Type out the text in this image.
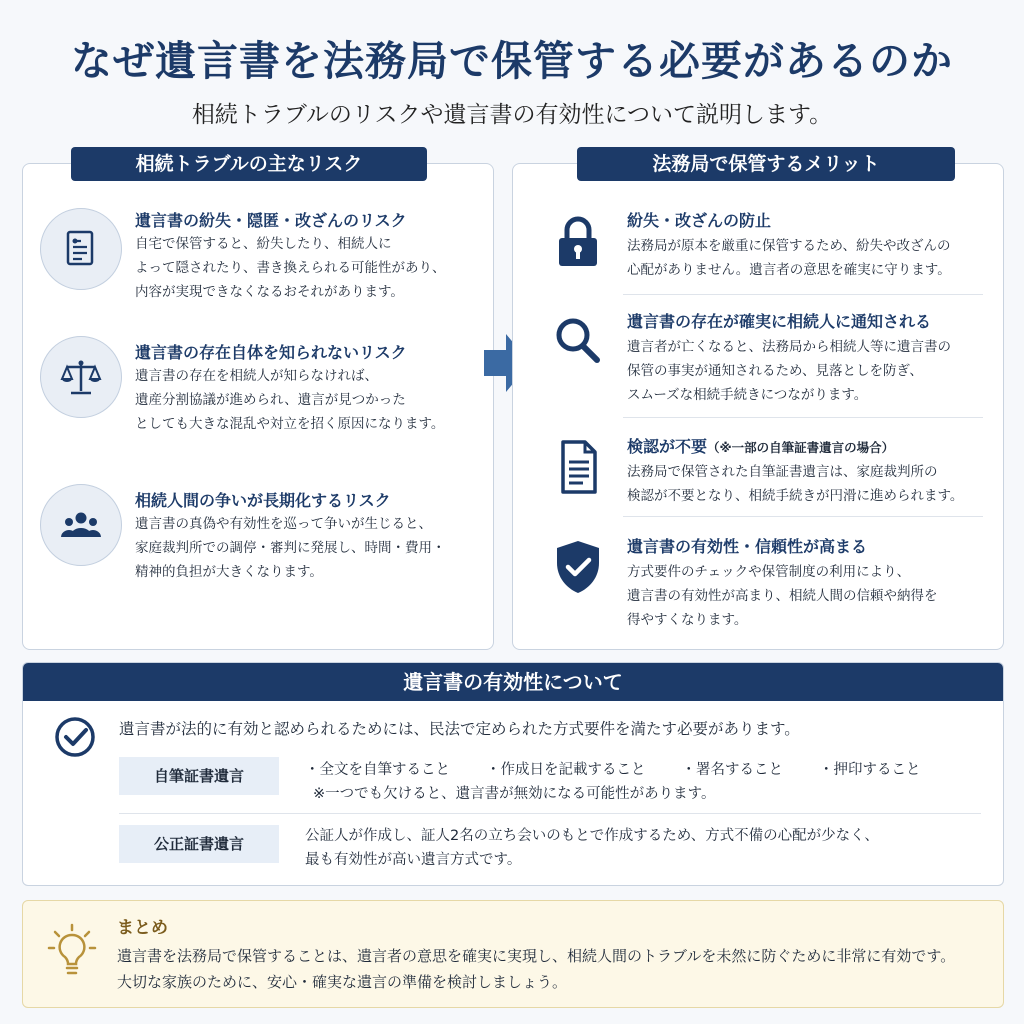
なぜ遺言書を法務局で保管する必要があるのか
相続トラブルのリスクや遺言書の有効性について説明します。
相続トラブルの主なリスク
遺言書の紛失・隠匿・改ざんのリスク
自宅で保管すると、紛失したり、相続人に
よって隠されたり、書き換えられる可能性があり、
内容が実現できなくなるおそれがあります。
遺言書の存在自体を知られないリスク
遺言書の存在を相続人が知らなければ、
遺産分割協議が進められ、遺言が見つかった
としても大きな混乱や対立を招く原因になります。
相続人間の争いが長期化するリスク
遺言書の真偽や有効性を巡って争いが生じると、
家庭裁判所での調停・審判に発展し、時間・費用・
精神的負担が大きくなります。
法務局で保管するメリット
紛失・改ざんの防止
法務局が原本を厳重に保管するため、紛失や改ざんの
心配がありません。遺言者の意思を確実に守ります。
遺言書の存在が確実に相続人に通知される
遺言者が亡くなると、法務局から相続人等に遺言書の
保管の事実が通知されるため、見落としを防ぎ、
スムーズな相続手続きにつながります。
検認が不要（※一部の自筆証書遺言の場合）
法務局で保管された自筆証書遺言は、家庭裁判所の
検認が不要となり、相続手続きが円滑に進められます。
遺言書の有効性・信頼性が高まる
方式要件のチェックや保管制度の利用により、
遺言書の有効性が高まり、相続人間の信頼や納得を
得やすくなります。
遺言書の有効性について
遺言書が法的に有効と認められるためには、民法で定められた方式要件を満たす必要があります。
自筆証書遺言	・全文を自筆すること ・作成日を記載すること ・署名すること ・押印すること
※一つでも欠けると、遺言書が無効になる可能性があります。
公正証書遺言	公証人が作成し、証人2名の立ち会いのもとで作成するため、方式不備の心配が少なく、
最も有効性が高い遺言方式です。
まとめ
遺言書を法務局で保管することは、遺言者の意思を確実に実現し、相続人間のトラブルを未然に防ぐために非常に有効です。
大切な家族のために、安心・確実な遺言の準備を検討しましょう。
